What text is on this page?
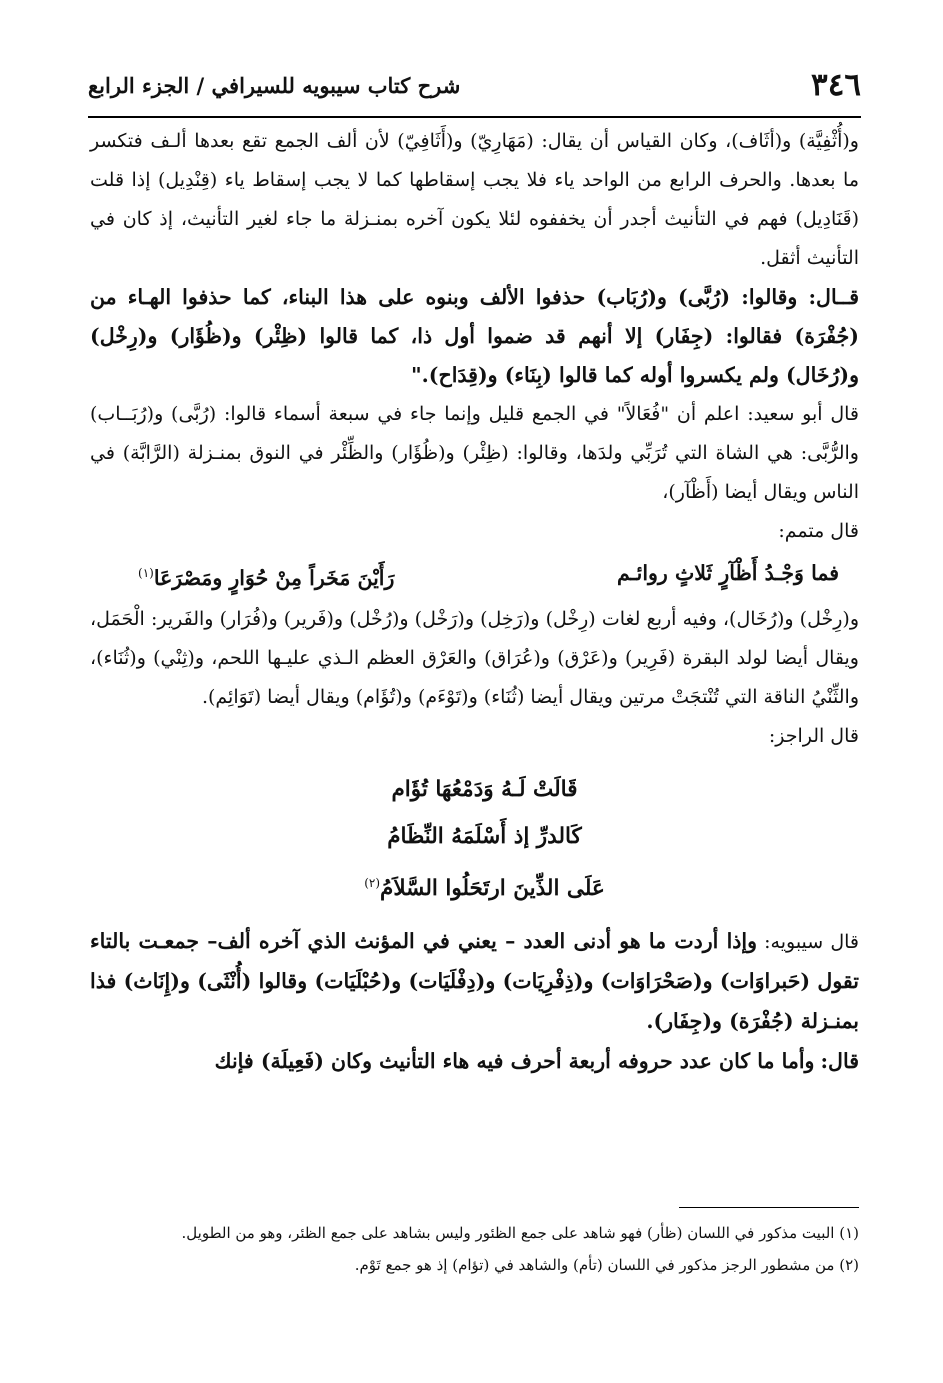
٣٤٦
شرح كتاب سيبويه للسيرافي / الجزء الرابع

و(أُثْفِيَّة) و(أثَاف)، وكان القياس أن يقال: (مَهَارِيّ) و(أَثَافِيّ) لأن ألف الجمع تقع بعدها ألـف فتكسر ما بعدها. والحرف الرابع من الواحد ياء فلا يجب إسقاطها كما لا يجب إسقاط ياء (قِنْدِيل) إذا قلت (قَنَادِيل) فهم في التأنيث أجدر أن يخففوه لئلا يكون آخره بمنـزلة ما جاء لغير التأنيث، إذ كان في التأنيث أثقل.

قــال: وقالوا: (رُبَّى) و(رُبَاب) حذفوا الألف وبنوه على هذا البناء، كما حذفوا الهـاء من (جُفْرَة) فقالوا: (جِفَار) إلا أنهم قد ضموا أول ذا، كما قالوا (ظِئْر) و(ظُؤَار) و(رِخْل) و(رُخَال) ولم يكسروا أوله كما قالوا (بِنَاء) و(قِدَاح)."

قال أبو سعيد: اعلم أن "فُعَالاً" في الجمع قليل وإنما جاء في سبعة أسماء قالوا: (رُبَّى) و(رُبَــاب) والرُّبَّى: هي الشاة التي تُرَبِّي ولدَها، وقالوا: (ظِئْر) و(ظُؤَار) والظِّئْر في النوق بمنـزلة (الرَّابَّة) في الناس ويقال أيضا (أَظْآر)،

قال متمم:

فما وَجْـدُ أَظْآرٍ ثَلاثٍ روائـم
رَأَيْنَ مَخَراً مِنْ حُوَارٍ ومَصْرَعَا$^{(١)}$

و(رِخْل) و(رُخَال)، وفيه أربع لغات (رِخْل) و(رَخِل) و(رَخْل) و(رُخْل) و(فَرير) و(فُرَار) والفَرير: الْحَمَل، ويقال أيضا لولد البقرة (فَرِير) و(عَرْق) و(عُرَاق) والعَرْق العظم الـذي عليـها اللحم، و(ثِنْي) و(ثُنَاء)، والثِّنْيُ الناقة التي تُنْتجَتْ مرتين ويقال أيضا (ثُنَاء) و(تَوْءَم) و(تُؤَام) ويقال أيضا (تَوَائِم).

قال الراجز:

قَالَتْ لَـهُ وَدَمْعُهَا تُؤَام
كَالدرِّ إذ أَسْلَمَهُ النِّظَامُ
عَلَى الذِّينَ ارتَحَلُوا السَّلاَمُ$^{(٢)}$

قال سيبويه: وإذا أردت ما هو أدنى العدد – يعني في المؤنث الذي آخره ألف– جمعـت بالتاء تقول (حَبراوَات) و(صَحْرَاوَات) و(ذِفْرِيَات) و(دِفْلَيَات) و(حُبْلَيَات) وقالوا (أُنْثَى) و(إِنَاث) فذا بمنـزلة (جُفْرَة) و(جِفَار).

قال: وأما ما كان عدد حروفه أربعة أحرف فيه هاء التأنيث وكان (فَعِيلَة) فإنك

(١) البيت مذكور في اللسان (ظأر) فهو شاهد على جمع الظئور وليس بشاهد على جمع الظئر، وهو من الطويل.

(٢) من مشطور الرجز مذكور في اللسان (تأم) والشاهد في (تؤام) إذ هو جمع تَوْم.
